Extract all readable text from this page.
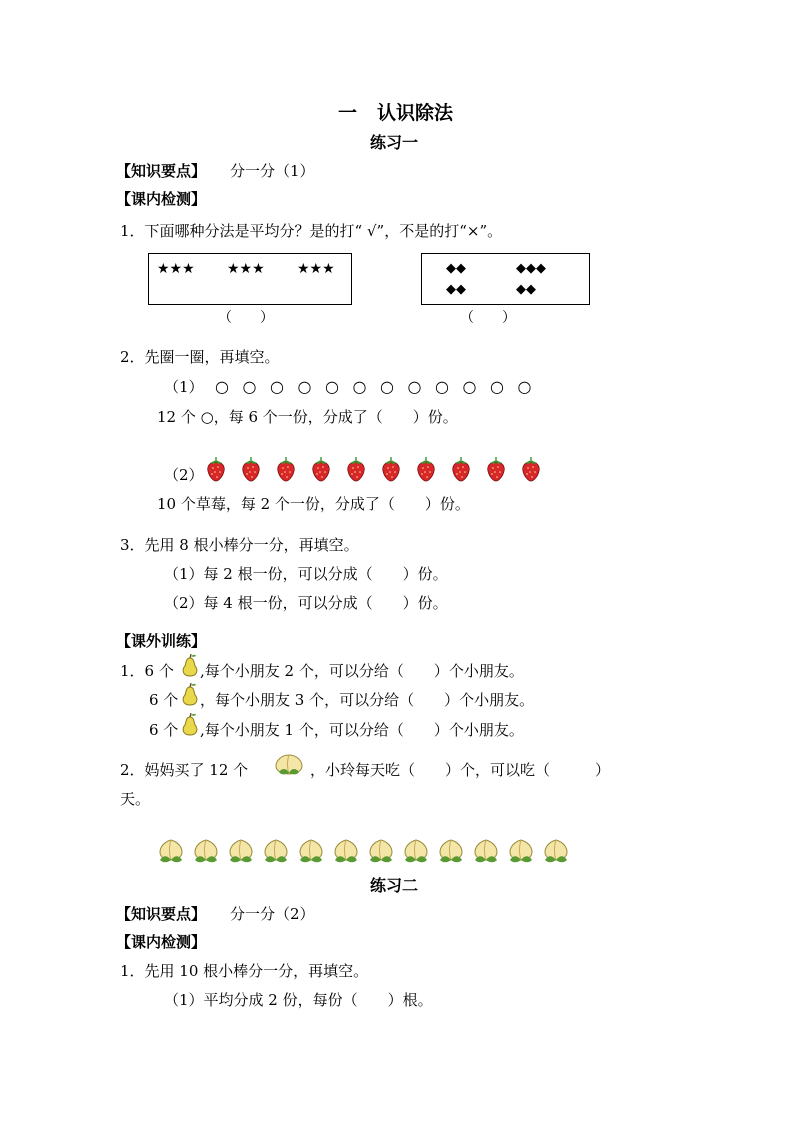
一 认识除法
练习一
【知识要点】 分一分（1）
【课内检测】
1．下面哪种分法是平均分？是的打“ √”，不是的打“×”。
★★★ ★★★ ★★★	◆◆	◆◆◆
◆◆	◆◆
（　　）	（　　）
2．先圈一圈，再填空。
（1） ○ ○ ○ ○ ○ ○ ○ ○ ○ ○ ○ ○
12 个 ○，每 6 个一份，分成了（　　）份。
（2）
10 个草莓，每 2 个一份，分成了（　　）份。
3．先用 8 根小棒分一分，再填空。
（1）每 2 根一份，可以分成（　　）份。
（2）每 4 根一份，可以分成（　　）份。
【课外训练】
1．6 个 ,每个小朋友 2 个，可以分给（　　）个小朋友。
6 个 ，每个小朋友 3 个，可以分给（　　）个小朋友。
6 个 ,每个小朋友 1 个，可以分给（　　）个小朋友。
2．妈妈买了 12 个	，小玲每天吃（　　）个，可以吃（　　　）
天。
练习二
【知识要点】 分一分（2）
【课内检测】
1．先用 10 根小棒分一分，再填空。
（1）平均分成 2 份，每份（　　）根。
